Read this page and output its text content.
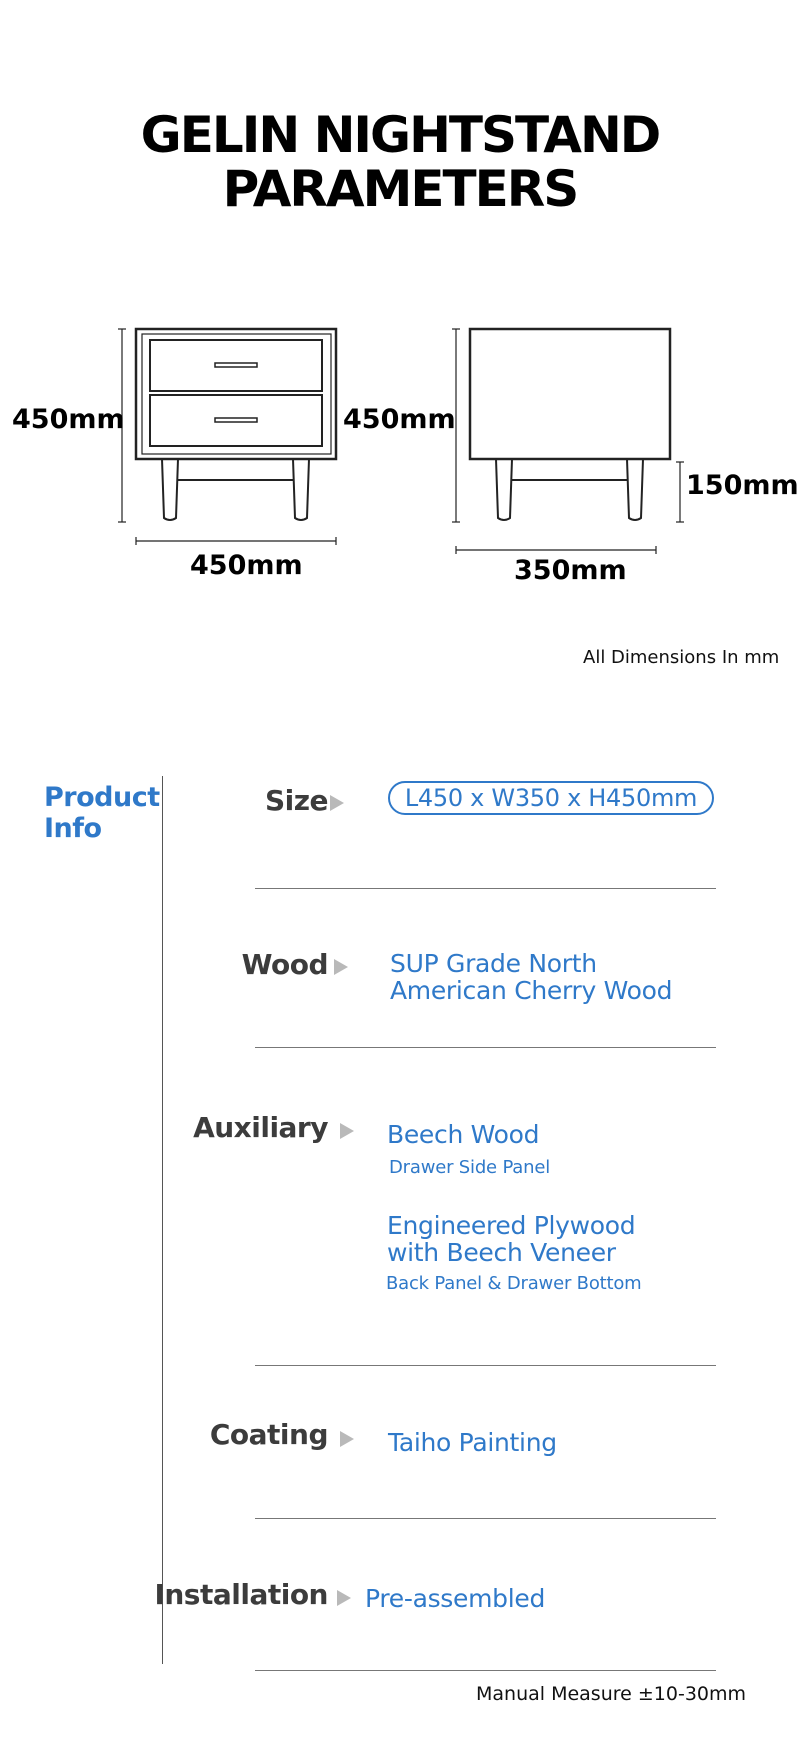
GELIN NIGHTSTAND
PARAMETERS
450mm
450mm
450mm
350mm
150mm
All Dimensions In mm
Product
Info
Size	L450 x W350 x H450mm
Wood SUP Grade North
American Cherry Wood
Auxiliary Beech Wood
Drawer Side Panel
Engineered Plywood
with Beech Veneer
Back Panel & Drawer Bottom
Coating Taiho Painting
Installation Pre-assembled
Manual Measure ±10-30mm
